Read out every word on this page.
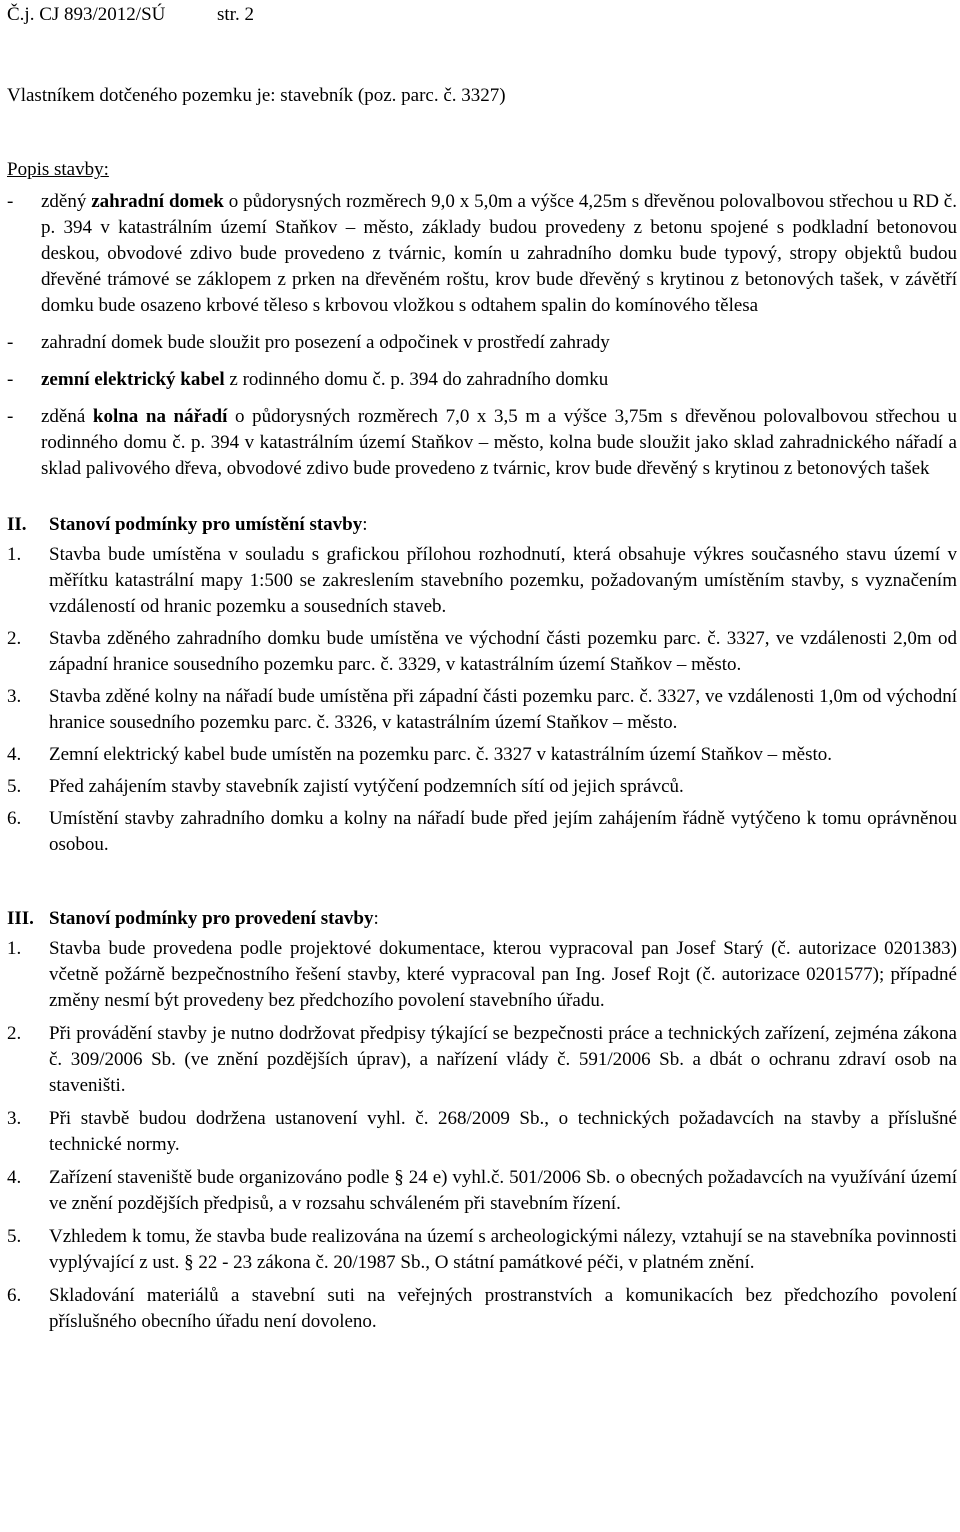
Č.j. CJ 893/2012/SÚ	str. 2
Vlastníkem dotčeného pozemku je: stavebník (poz. parc. č. 3327)
Popis stavby:
- zděný zahradní domek o půdorysných rozměrech 9,0 x 5,0m a výšce 4,25m s dřevěnou polovalbovou střechou u RD č. p. 394 v katastrálním území Staňkov – město, základy budou provedeny z betonu spojené s podkladní betonovou deskou, obvodové zdivo bude provedeno z tvárnic, komín u zahradního domku bude typový, stropy objektů budou dřevěné trámové se záklopem z prken na dřevěném roštu, krov bude dřevěný s krytinou z betonových tašek, v závětří domku bude osazeno krbové těleso s krbovou vložkou s odtahem spalin do komínového tělesa
- zahradní domek bude sloužit pro posezení a odpočinek v prostředí zahrady
- zemní elektrický kabel z rodinného domu č. p. 394 do zahradního domku
- zděná kolna na nářadí o půdorysných rozměrech 7,0 x 3,5 m a výšce 3,75m s dřevěnou polovalbovou střechou u rodinného domu č. p. 394 v katastrálním území Staňkov – město, kolna bude sloužit jako sklad zahradnického nářadí a sklad palivového dřeva, obvodové zdivo bude provedeno z tvárnic, krov bude dřevěný s krytinou z betonových tašek
II. Stanoví podmínky pro umístění stavby:
1. Stavba bude umístěna v souladu s grafickou přílohou rozhodnutí, která obsahuje výkres současného stavu území v měřítku katastrální mapy 1:500 se zakreslením stavebního pozemku, požadovaným umístěním stavby, s vyznačením vzdáleností od hranic pozemku a sousedních staveb.
2. Stavba zděného zahradního domku bude umístěna ve východní části pozemku parc. č. 3327, ve vzdálenosti 2,0m od západní hranice sousedního pozemku parc. č. 3329, v katastrálním území Staňkov – město.
3. Stavba zděné kolny na nářadí bude umístěna při západní části pozemku parc. č. 3327, ve vzdálenosti 1,0m od východní hranice sousedního pozemku parc. č. 3326, v katastrálním území Staňkov – město.
4. Zemní elektrický kabel bude umístěn na pozemku parc. č. 3327 v katastrálním území Staňkov – město.
5. Před zahájením stavby stavebník zajistí vytýčení podzemních sítí od jejich správců.
6. Umístění stavby zahradního domku a kolny na nářadí bude před jejím zahájením řádně vytýčeno k tomu oprávněnou osobou.
III. Stanoví podmínky pro provedení stavby:
1. Stavba bude provedena podle projektové dokumentace, kterou vypracoval pan Josef Starý (č. autorizace 0201383) včetně požárně bezpečnostního řešení stavby, které vypracoval pan Ing. Josef Rojt (č. autorizace 0201577); případné změny nesmí být provedeny bez předchozího povolení stavebního úřadu.
2. Při provádění stavby je nutno dodržovat předpisy týkající se bezpečnosti práce a technických zařízení, zejména zákona č. 309/2006 Sb. (ve znění pozdějších úprav), a nařízení vlády č. 591/2006 Sb. a dbát o ochranu zdraví osob na staveništi.
3. Při stavbě budou dodržena ustanovení vyhl. č. 268/2009 Sb., o technických požadavcích na stavby a příslušné technické normy.
4. Zařízení staveniště bude organizováno podle § 24 e) vyhl.č. 501/2006 Sb. o obecných požadavcích na využívání území ve znění pozdějších předpisů, a v rozsahu schváleném při stavebním řízení.
5. Vzhledem k tomu, že stavba bude realizována na území s archeologickými nálezy, vztahují se na stavebníka povinnosti vyplývající z ust. § 22 - 23 zákona č. 20/1987 Sb., O státní památkové péči, v platném znění.
6. Skladování materiálů a stavební suti na veřejných prostranstvích a komunikacích bez předchozího povolení příslušného obecního úřadu není dovoleno.
